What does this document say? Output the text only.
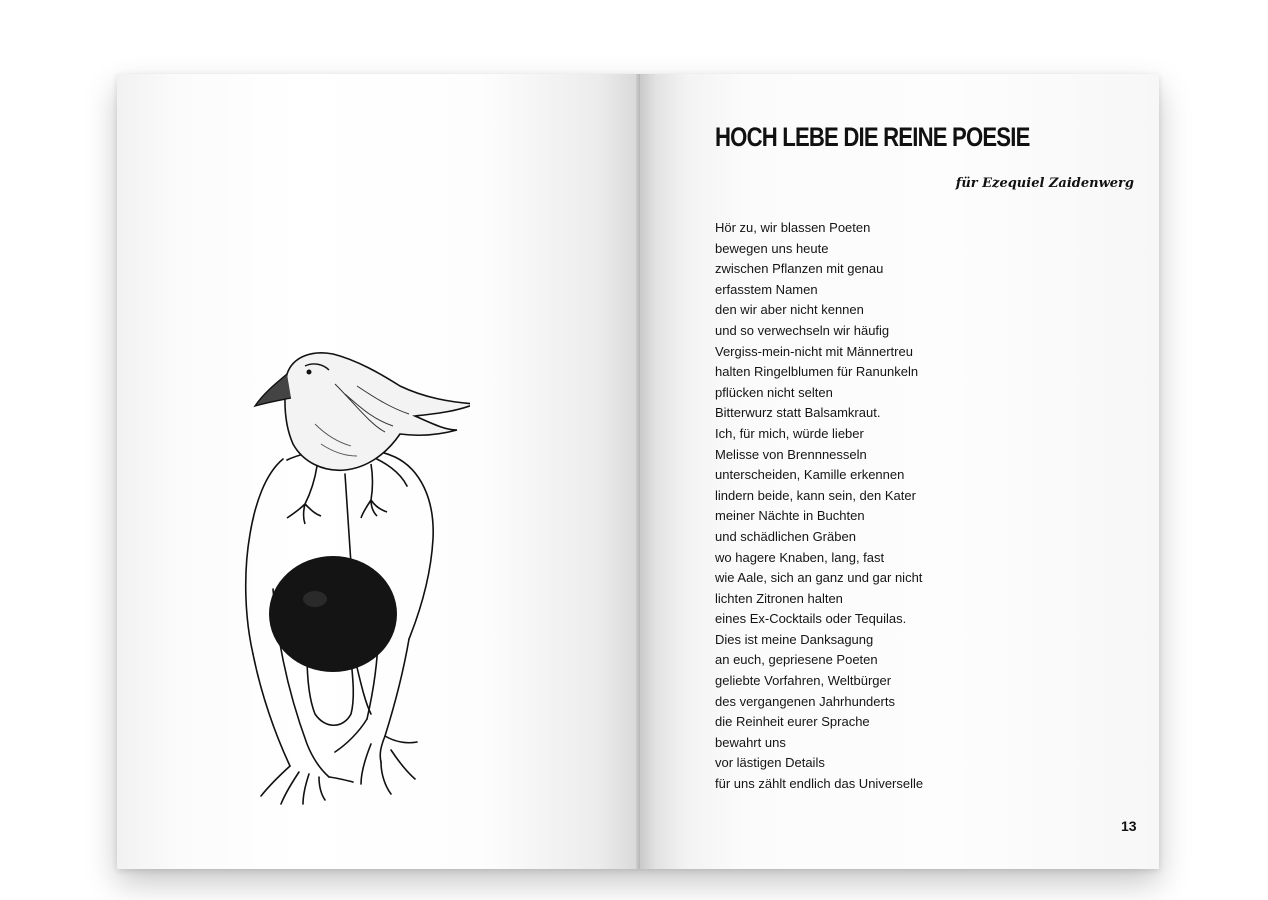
HOCH LEBE DIE REINE POESIE
für Ezequiel Zaidenwerg
Hör zu, wir blassen Poeten
bewegen uns heute
zwischen Pflanzen mit genau
erfasstem Namen
den wir aber nicht kennen
und so verwechseln wir häufig
Vergiss-mein-nicht mit Männertreu
halten Ringelblumen für Ranunkeln
pflücken nicht selten
Bitterwurz statt Balsamkraut.
Ich, für mich, würde lieber
Melisse von Brennnesseln
unterscheiden, Kamille erkennen
lindern beide, kann sein, den Kater
meiner Nächte in Buchten
und schädlichen Gräben
wo hagere Knaben, lang, fast
wie Aale, sich an ganz und gar nicht
lichten Zitronen halten
eines Ex-Cocktails oder Tequilas.
Dies ist meine Danksagung
an euch, gepriesene Poeten
geliebte Vorfahren, Weltbürger
des vergangenen Jahrhunderts
die Reinheit eurer Sprache
bewahrt uns
vor lästigen Details
für uns zählt endlich das Universelle
13
